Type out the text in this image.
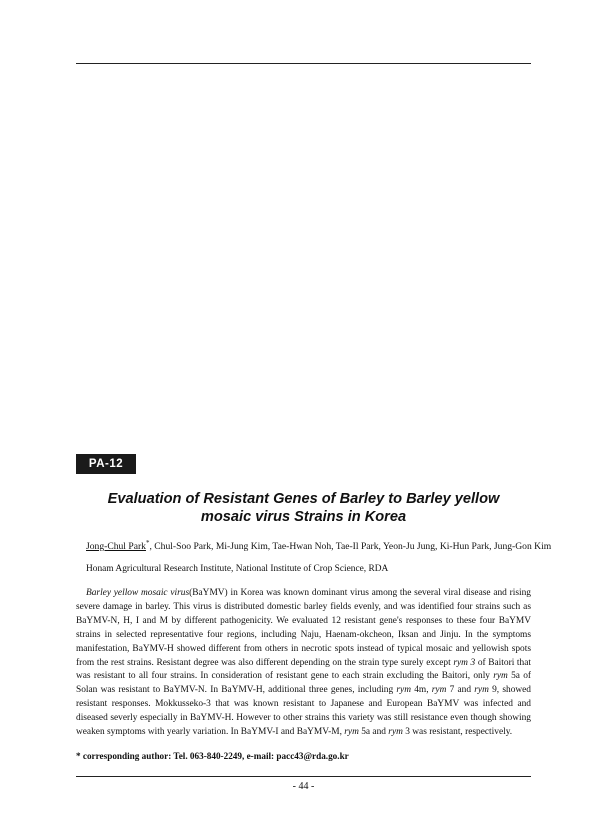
PA-12
Evaluation of Resistant Genes of Barley to Barley yellow
mosaic virus Strains in Korea
Jong-Chul Park*, Chul-Soo Park, Mi-Jung Kim, Tae-Hwan Noh, Tae-Il Park, Yeon-Ju Jung, Ki-Hun Park, Jung-Gon Kim
Honam Agricultural Research Institute, National Institute of Crop Science, RDA

Barley yellow mosaic virus(BaYMV) in Korea was known dominant virus among the several viral disease and rising severe damage in barley. This virus is distributed domestic barley fields evenly, and was identified four strains such as BaYMV-N, H, I and M by different pathogenicity. We evaluated 12 resistant gene's responses to these four BaYMV strains in selected representative four regions, including Naju, Haenam-okcheon, Iksan and Jinju. In the symptoms manifestation, BaYMV-H showed different from others in necrotic spots instead of typical mosaic and yellowish spots from the rest strains. Resistant degree was also different depending on the strain type surely except rym 3 of Baitori that was resistant to all four strains. In consideration of resistant gene to each strain excluding the Baitori, only rym 5a of Solan was resistant to BaYMV-N. In BaYMV-H, additional three genes, including rym 4m, rym 7 and rym 9, showed resistant responses. Mokkusseko-3 that was known resistant to Japanese and European BaYMV was infected and diseased severly especially in BaYMV-H. However to other strains this variety was still resistance even though showing weaken symptoms with yearly variation. In BaYMV-I and BaYMV-M, rym 5a and rym 3 was resistant, respectively.

* corresponding author: Tel. 063-840-2249, e-mail: pacc43@rda.go.kr
- 44 -
